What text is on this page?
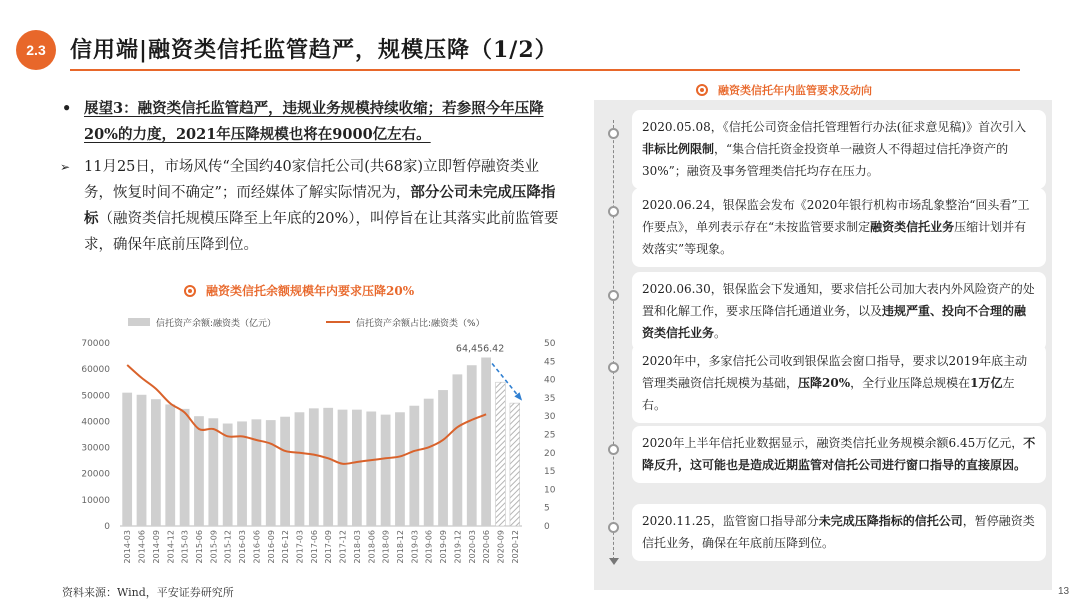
2.3	信用端|融资类信托监管趋严，规模压降（1/2）
• 展望3：融资类信托监管趋严，违规业务规模持续收缩；若参照今年压降20%的力度，2021年压降规模也将在9000亿左右。
➢ 11月25日，市场风传“全国约40家信托公司(共68家)立即暂停融资类业务，恢复时间不确定”；而经媒体了解实际情况为，部分公司未完成压降指标（融资类信托规模压降至上年底的20%），叫停旨在让其落实此前监管要求，确保年底前压降到位。
融资类信托余额规模年内要求压降20%
信托资产余额:融资类（亿元）	信托资产余额占比:融资类（%）
0
10000
20000
30000
40000
50000
60000
70000
0
5
10
15
20
25
30
35
40
45
50
64,456.42
2014-03 2014-06 2014-09 2014-12 2015-03 2015-06 2015-09 2015-12 2016-03 2016-06 2016-09 2016-12 2017-03 2017-06 2017-09 2017-12 2018-03 2018-06 2018-09 2018-12 2019-03 2019-06 2019-09 2019-12 2020-03 2020-06 2020-09 2020-12
融资类信托年内监管要求及动向
2020.05.08，《信托公司资金信托管理暂行办法(征求意见稿)》首次引入非标比例限制，“集合信托资金投资单一融资人不得超过信托净资产的30%”；融资及事务管理类信托均存在压力。
2020.06.24，银保监会发布《2020年银行机构市场乱象整治“回头看”工作要点》，单列表示存在“未按监管要求制定融资类信托业务压缩计划并有效落实”等现象。
2020.06.30，银保监会下发通知，要求信托公司加大表内外风险资产的处置和化解工作，要求压降信托通道业务，以及违规严重、投向不合理的融资类信托业务。
2020年中，多家信托公司收到银保监会窗口指导，要求以2019年底主动管理类融资信托规模为基础，压降20%，全行业压降总规模在1万亿左右。
2020年上半年信托业数据显示，融资类信托业务规模余额6.45万亿元，不降反升，这可能也是造成近期监管对信托公司进行窗口指导的直接原因。
2020.11.25，监管窗口指导部分未完成压降指标的信托公司，暂停融资类信托业务，确保在年底前压降到位。
资料来源：Wind，平安证券研究所	13
